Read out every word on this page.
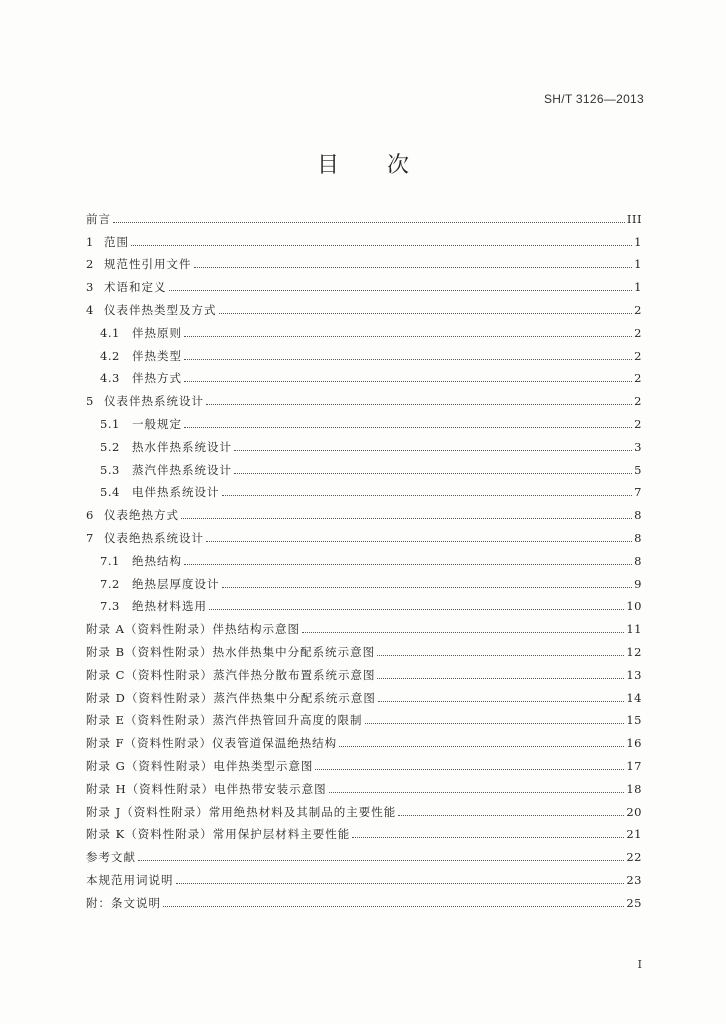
SH/T 3126—2013
目次
前言	III
1 范围	1
2 规范性引用文件	1
3 术语和定义	1
4 仪表伴热类型及方式	2
4.1	伴热原则	2
4.2	伴热类型	2
4.3	伴热方式	2
5 仪表伴热系统设计	2
5.1	一般规定	2
5.2	热水伴热系统设计	3
5.3	蒸汽伴热系统设计	5
5.4	电伴热系统设计	7
6 仪表绝热方式	8
7 仪表绝热系统设计	8
7.1	绝热结构	8
7.2	绝热层厚度设计	9
7.3	绝热材料选用	10
附录 A（资料性附录）伴热结构示意图	11
附录 B（资料性附录）热水伴热集中分配系统示意图	12
附录 C（资料性附录）蒸汽伴热分散布置系统示意图	13
附录 D（资料性附录）蒸汽伴热集中分配系统示意图	14
附录 E（资料性附录）蒸汽伴热管回升高度的限制	15
附录 F（资料性附录）仪表管道保温绝热结构	16
附录 G（资料性附录）电伴热类型示意图	17
附录 H（资料性附录）电伴热带安装示意图	18
附录 J（资料性附录）常用绝热材料及其制品的主要性能	20
附录 K（资料性附录）常用保护层材料主要性能	21
参考文献	22
本规范用词说明	23
附：条文说明	25
I
